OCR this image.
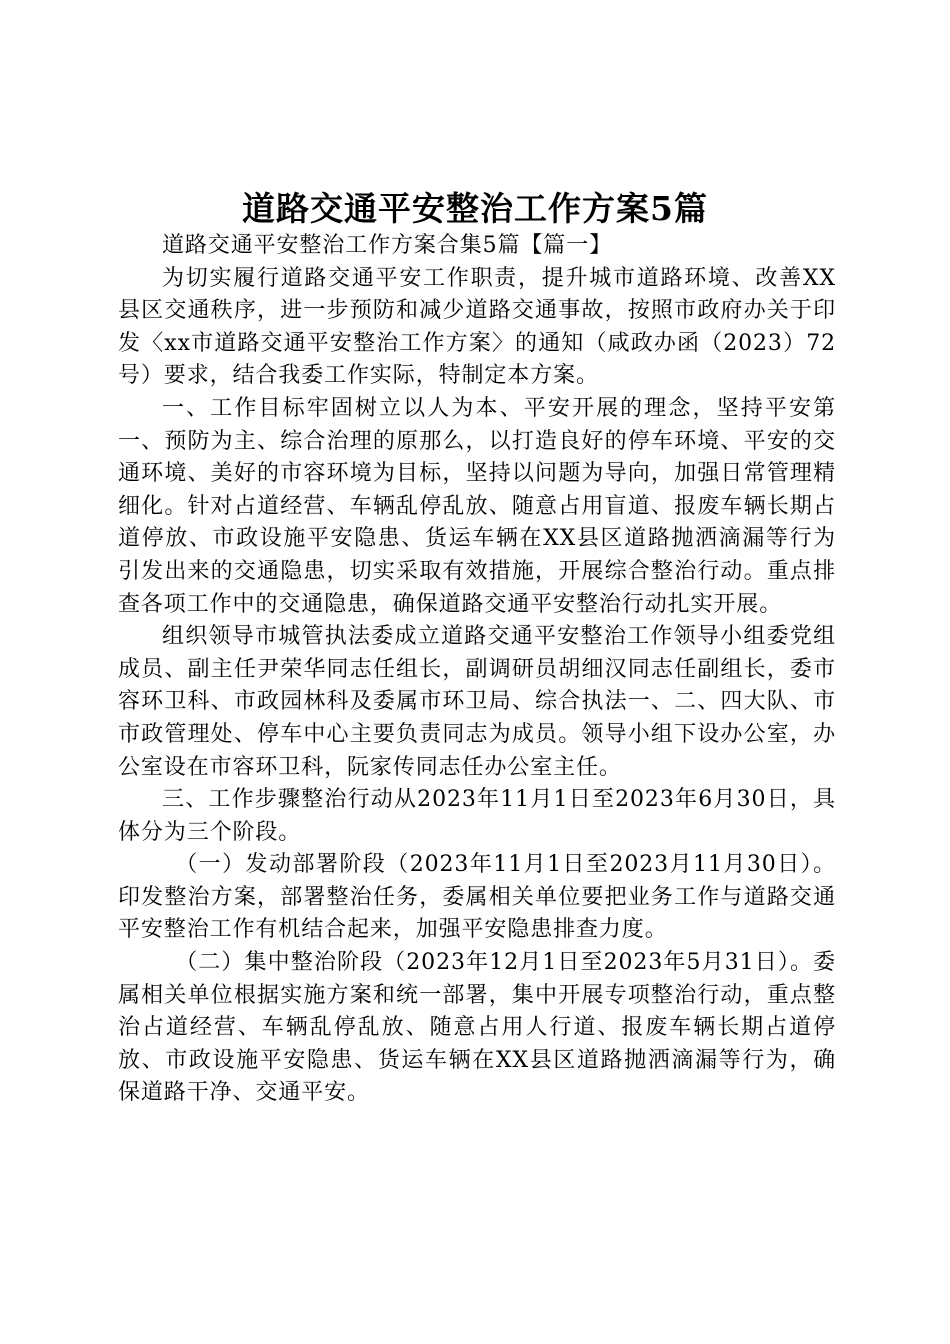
道路交通平安整治工作方案5篇

道路交通平安整治工作方案合集5篇【篇一】

为切实履行道路交通平安工作职责，提升城市道路环境、改善XX县区交通秩序，进一步预防和减少道路交通事故，按照市政府办关于印发〈xx市道路交通平安整治工作方案〉的通知（咸政办函（2023）72号）要求，结合我委工作实际，特制定本方案。

一、工作目标牢固树立以人为本、平安开展的理念，坚持平安第一、预防为主、综合治理的原那么，以打造良好的停车环境、平安的交通环境、美好的市容环境为目标，坚持以问题为导向，加强日常管理精细化。针对占道经营、车辆乱停乱放、随意占用盲道、报废车辆长期占道停放、市政设施平安隐患、货运车辆在XX县区道路抛洒滴漏等行为引发出来的交通隐患，切实采取有效措施，开展综合整治行动。重点排查各项工作中的交通隐患，确保道路交通平安整治行动扎实开展。

组织领导市城管执法委成立道路交通平安整治工作领导小组委党组成员、副主任尹荣华同志任组长，副调研员胡细汉同志任副组长，委市容环卫科、市政园林科及委属市环卫局、综合执法一、二、四大队、市市政管理处、停车中心主要负责同志为成员。领导小组下设办公室，办公室设在市容环卫科，阮家传同志任办公室主任。

三、工作步骤整治行动从2023年11月1日至2023年6月30日，具体分为三个阶段。

（一）发动部署阶段（2023年11月1日至2023月11月30日）。印发整治方案，部署整治任务，委属相关单位要把业务工作与道路交通平安整治工作有机结合起来，加强平安隐患排查力度。

（二）集中整治阶段（2023年12月1日至2023年5月31日）。委属相关单位根据实施方案和统一部署，集中开展专项整治行动，重点整治占道经营、车辆乱停乱放、随意占用人行道、报废车辆长期占道停放、市政设施平安隐患、货运车辆在XX县区道路抛洒滴漏等行为，确保道路干净、交通平安。
